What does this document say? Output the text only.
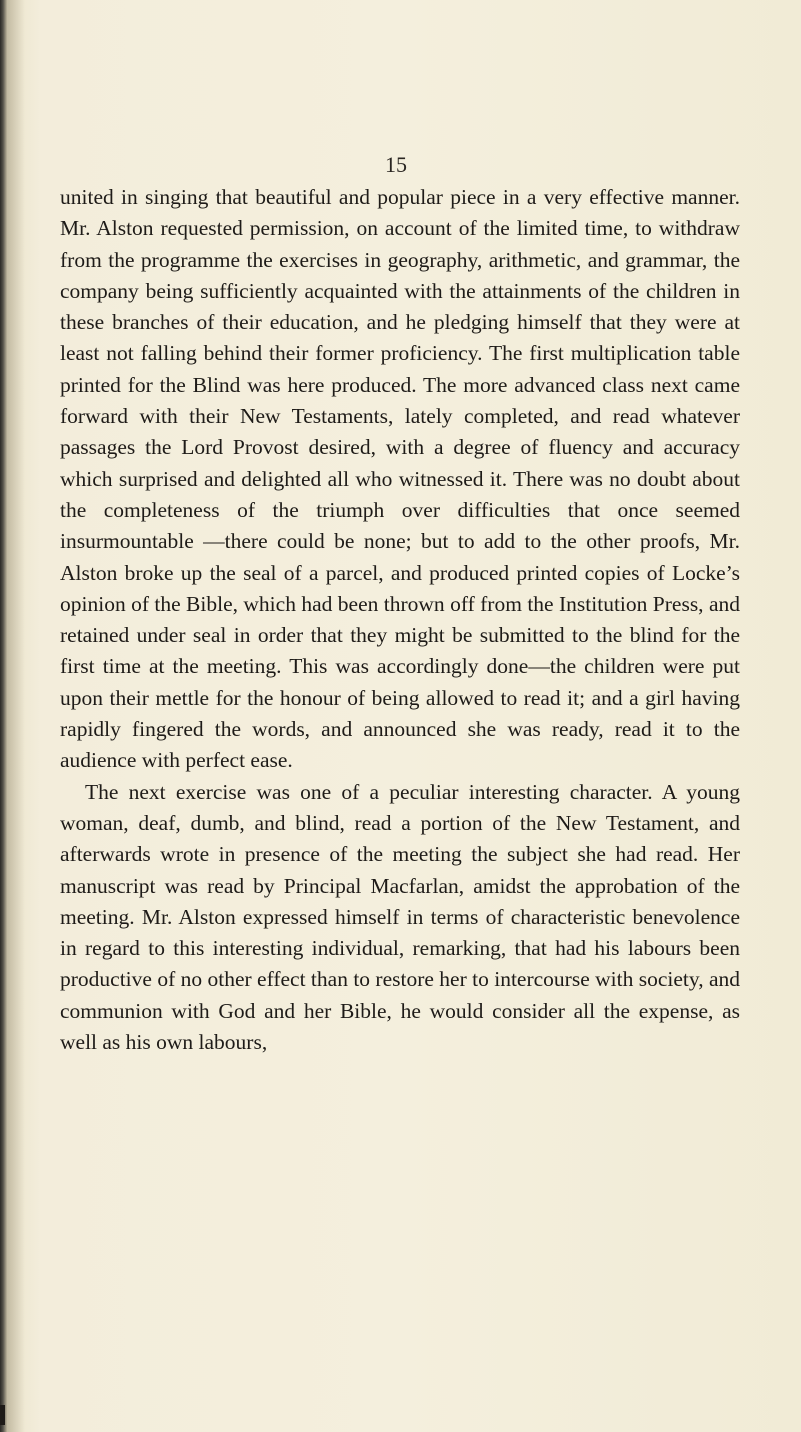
15

united in singing that beautiful and popular piece in a very effective manner. Mr. Alston requested permission, on account of the limited time, to withdraw from the programme the exercises in geography, arithmetic, and grammar, the company being sufficiently acquainted with the attainments of the children in these branches of their education, and he pledging himself that they were at least not falling behind their former proficiency. The first multiplication table printed for the Blind was here produced. The more advanced class next came forward with their New Testaments, lately completed, and read whatever passages the Lord Provost desired, with a degree of fluency and accuracy which surprised and delighted all who witnessed it. There was no doubt about the completeness of the triumph over difficulties that once seemed insurmountable —there could be none; but to add to the other proofs, Mr. Alston broke up the seal of a parcel, and produced printed copies of Locke’s opinion of the Bible, which had been thrown off from the Institution Press, and retained under seal in order that they might be submitted to the blind for the first time at the meeting. This was accordingly done—the children were put upon their mettle for the honour of being allowed to read it; and a girl having rapidly fingered the words, and announced she was ready, read it to the audience with perfect ease.

The next exercise was one of a peculiar interesting character. A young woman, deaf, dumb, and blind, read a portion of the New Testament, and afterwards wrote in presence of the meeting the subject she had read. Her manuscript was read by Principal Macfarlan, amidst the approbation of the meeting. Mr. Alston expressed himself in terms of characteristic benevolence in regard to this interesting individual, remarking, that had his labours been productive of no other effect than to restore her to intercourse with society, and communion with God and her Bible, he would consider all the expense, as well as his own labours,
